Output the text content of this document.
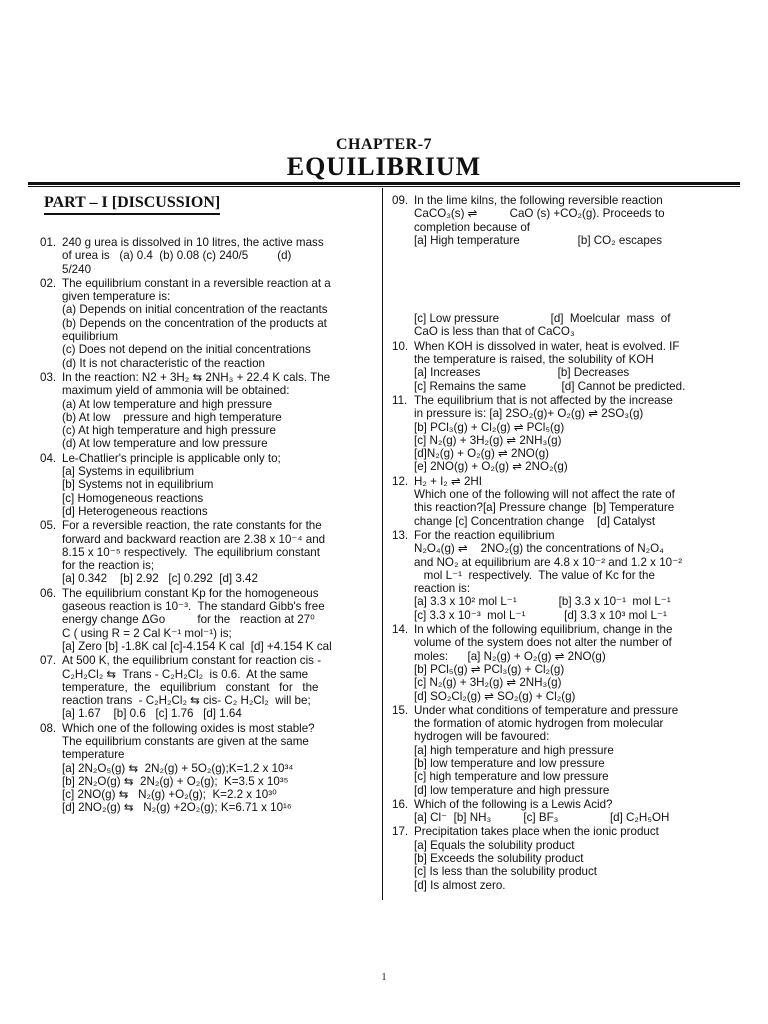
CHAPTER-7
EQUILIBRIUM
PART – I [DISCUSSION]
01. 240 g urea is dissolved in 10 litres, the active mass
of urea is   (a) 0.4  (b) 0.08 (c) 240/5         (d)
5/240
02. The equilibrium constant in a reversible reaction at a
given temperature is:
(a) Depends on initial concentration of the reactants
(b) Depends on the concentration of the products at
equilibrium
(c) Does not depend on the initial concentrations
(d) It is not characteristic of the reaction
03. In the reaction: N2 + 3H₂ ⇆ 2NH₃ + 22.4 K cals. The
maximum yield of ammonia will be obtained:
(a) At low temperature and high pressure
(b) At low    pressure and high temperature
(c) At high temperature and high pressure
(d) At low temperature and low pressure
04. Le-Chatlier's principle is applicable only to;
[a] Systems in equilibrium
[b] Systems not in equilibrium
[c] Homogeneous reactions
[d] Heterogeneous reactions
05. For a reversible reaction, the rate constants for the
forward and backward reaction are 2.38 x 10⁻⁴ and
8.15 x 10⁻⁵ respectively.  The equilibrium constant
for the reaction is;
[a] 0.342    [b] 2.92   [c] 0.292  [d] 3.42
06. The equilibrium constant Kp for the homogeneous
gaseous reaction is 10⁻³.  The standard Gibb's free
energy change ΔGo          for the   reaction at 27⁰
C ( using R = 2 Cal K⁻¹ mol⁻¹) is;
[a] Zero [b] -1.8K cal [c]-4.154 K cal  [d] +4.154 K cal
07. At 500 K, the equilibrium constant for reaction cis -
C₂H₂Cl₂ ⇆  Trans - C₂H₂Cl₂  is 0.6.  At the same
temperature,  the   equilibrium   constant   for   the
reaction trans  - C₂H₂Cl₂ ⇆ cis- C₂ H₂Cl₂  will be;
[a] 1.67    [b] 0.6   [c] 1.76   [d] 1.64
08. Which one of the following oxides is most stable?
The equilibrium constants are given at the same
temperature
[a] 2N₂O₅(g) ⇆  2N₂(g) + 5O₂(g);K=1.2 x 10³⁴
[b] 2N₂O(g) ⇆  2N₂(g) + O₂(g);  K=3.5 x 10³⁵
[c] 2NO(g) ⇆   N₂(g) +O₂(g);  K=2.2 x 10³⁰
[d] 2NO₂(g) ⇆   N₂(g) +2O₂(g); K=6.71 x 10¹⁶
09. In the lime kilns, the following reversible reaction
CaCO₃(s) ⇌          CaO (s) +CO₂(g). Proceeds to
completion because of
[a] High temperature                  [b] CO₂ escapes
[c] Low pressure                [d]  Moelcular  mass  of
CaO is less than that of CaCO₃
10. When KOH is dissolved in water, heat is evolved. IF
the temperature is raised, the solubility of KOH
[a] Increases                        [b] Decreases
[c] Remains the same           [d] Cannot be predicted.
11. The equilibrium that is not affected by the increase
in pressure is: [a] 2SO₂(g)+ O₂(g) ⇌ 2SO₃(g)
[b] PCl₃(g) + Cl₂(g) ⇌ PCl₅(g)
[c] N₂(g) + 3H₂(g) ⇌ 2NH₃(g)
[d]N₂(g) + O₂(g) ⇌ 2NO(g)
[e] 2NO(g) + O₂(g) ⇌ 2NO₂(g)
12. H₂ + I₂ ⇌ 2HI
Which one of the following will not affect the rate of
this reaction?[a] Pressure change  [b] Temperature
change [c] Concentration change    [d] Catalyst
13. For the reaction equilibrium
N₂O₄(g) ⇌    2NO₂(g) the concentrations of N₂O₄
and NO₂ at equilibrium are 4.8 x 10⁻² and 1.2 x 10⁻²
mol L⁻¹  respectively.  The value of Kc for the
reaction is:
[a] 3.3 x 10² mol L⁻¹             [b] 3.3 x 10⁻¹  mol L⁻¹
[c] 3.3 x 10⁻³  mol L⁻¹            [d] 3.3 x 10³ mol L⁻¹
14. In which of the following equilibrium, change in the
volume of the system does not alter the number of
moles:      [a] N₂(g) + O₂(g) ⇌ 2NO(g)
[b] PCl₅(g) ⇌ PCl₃(g) + Cl₂(g)
[c] N₂(g) + 3H₂(g) ⇌ 2NH₃(g)
[d] SO₂Cl₂(g) ⇌ SO₂(g) + Cl₂(g)
15. Under what conditions of temperature and pressure
the formation of atomic hydrogen from molecular
hydrogen will be favoured:
[a] high temperature and high pressure
[b] low temperature and low pressure
[c] high temperature and low pressure
[d] low temperature and high pressure
16. Which of the following is a Lewis Acid?
[a] Cl⁻  [b] NH₃          [c] BF₃                [d] C₂H₅OH
17. Precipitation takes place when the ionic product
[a] Equals the solubility product
[b] Exceeds the solubility product
[c] Is less than the solubility product
[d] Is almost zero.
1
